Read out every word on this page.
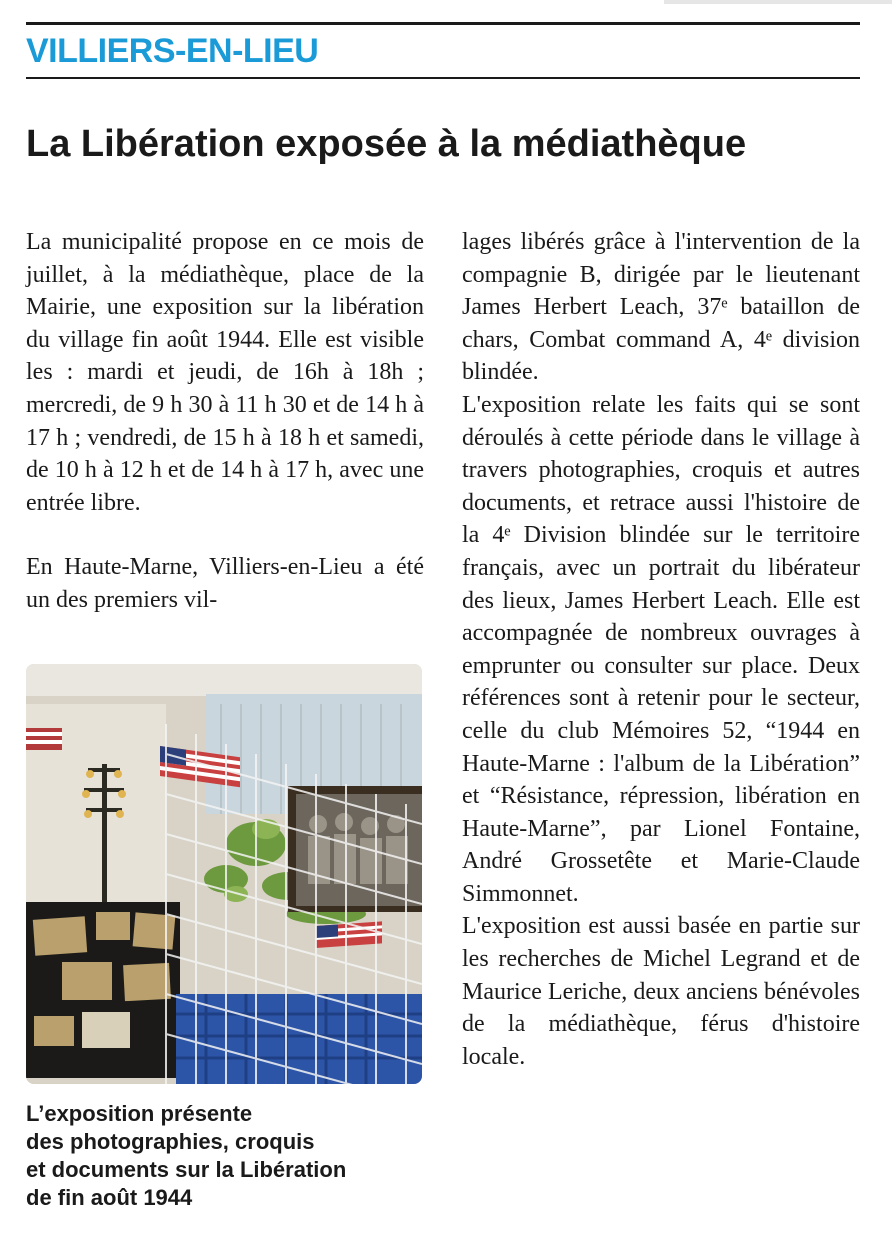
VILLIERS-EN-LIEU
La Libération exposée à la médiathèque

La municipalité propose en ce mois de juillet, à la médiathèque, place de la Mairie, une exposition sur la libération du village fin août 1944. Elle est visible les : mardi et jeudi, de 16h à 18h ; mercredi, de 9 h 30 à 11 h 30 et de 14 h à 17 h ; vendredi, de 15 h à 18 h et samedi, de 10 h à 12 h et de 14 h à 17 h, avec une entrée libre.

En Haute-Marne, Villiers-en-Lieu a été un des premiers vil-

L’exposition présente
des photographies, croquis
et documents sur la Libération
de fin août 1944

lages libérés grâce à l'intervention de la compagnie B, dirigée par le lieutenant James Herbert Leach, 37ᵉ bataillon de chars, Combat command A, 4ᵉ division blindée.

L'exposition relate les faits qui se sont déroulés à cette période dans le village à travers photographies, croquis et autres documents, et retrace aussi l'histoire de la 4ᵉ Division blindée sur le territoire français, avec un portrait du libérateur des lieux, James Herbert Leach. Elle est accompagnée de nombreux ouvrages à emprunter ou consulter sur place. Deux références sont à retenir pour le secteur, celle du club Mémoires 52, “1944 en Haute-Marne : l'album de la Libération” et “Résistance, répression, libération en Haute-Marne”, par Lionel Fontaine, André Grossetête et Marie-Claude Simmonnet.

L'exposition est aussi basée en partie sur les recherches de Michel Legrand et de Maurice Leriche, deux anciens bénévoles de la médiathèque, férus d'histoire locale.
